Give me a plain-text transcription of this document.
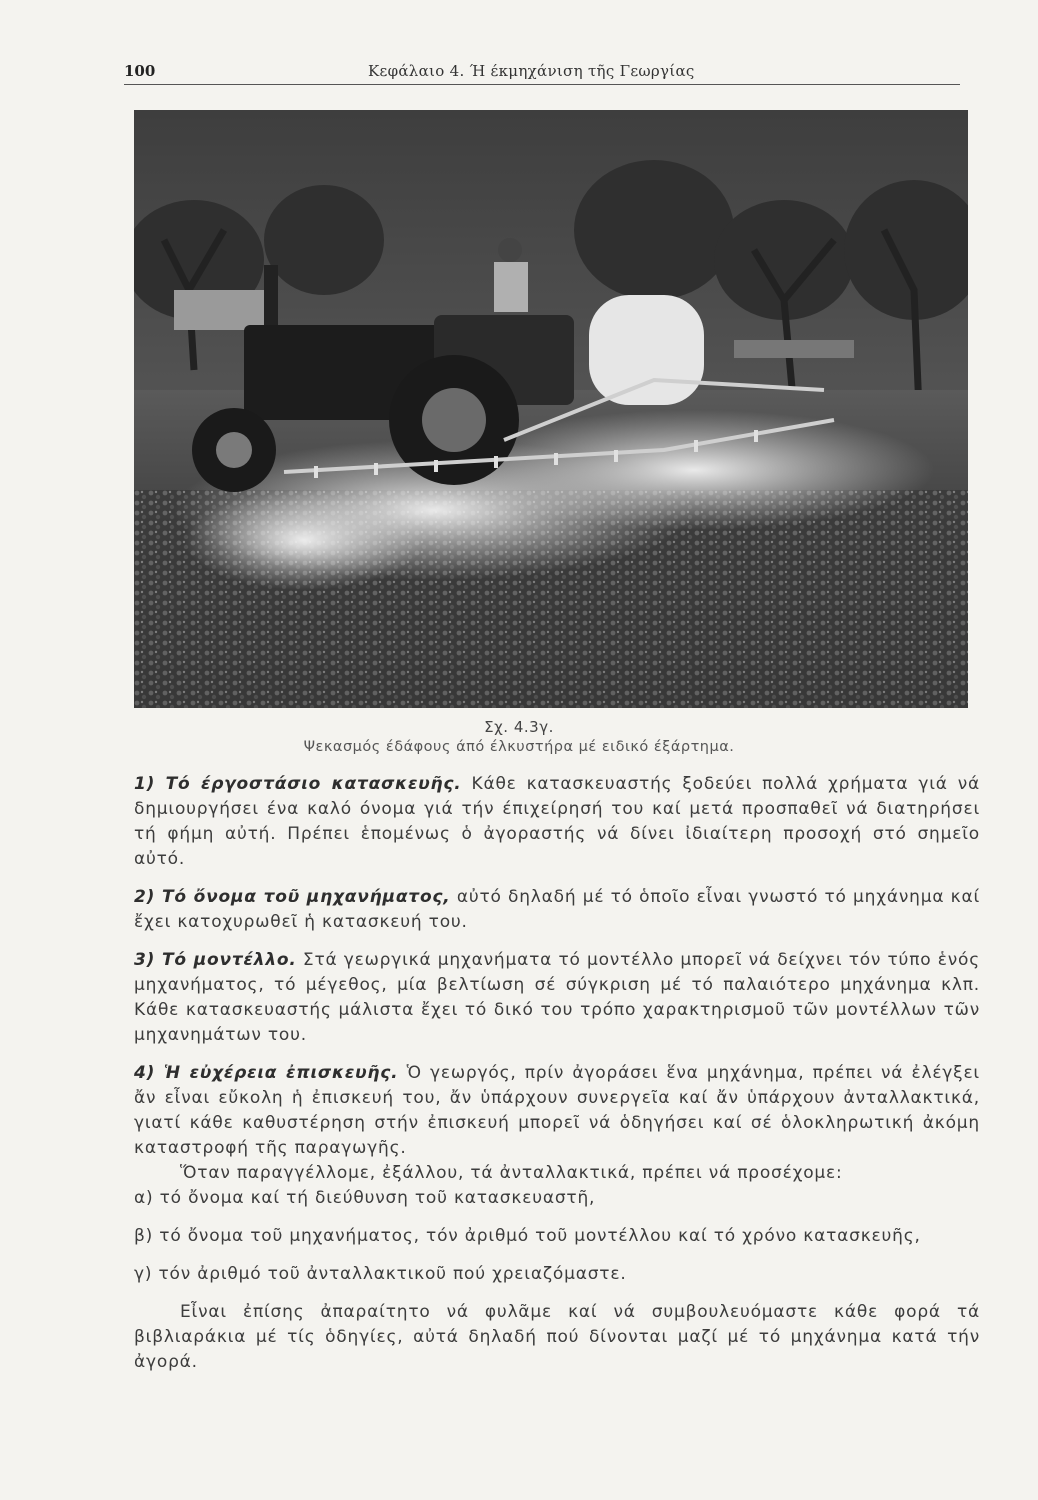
100	Κεφάλαιο 4. Ή έκμηχάνιση τῆς Γεωργίας
Σχ. 4.3γ.
Ψεκασμός έδάφους άπό έλκυστήρα μέ ειδικό έξάρτημα.

1) Τό έργοστάσιο κατασκευῆς. Κάθε κατασκευαστής ξοδεύει πολλά χρήματα γιά νά δημιουργήσει ένα καλό όνομα γιά τήν έπιχείρησή του καί μετά προσπαθεῖ νά διατηρήσει τή φήμη αὐτή. Πρέπει ἑπομένως ὁ ἀγοραστής νά δίνει ἰδιαίτερη προσοχή στό σημεῖο αὐτό.

2) Τό ὄνομα τοῦ μηχανήματος, αὐτό δηλαδή μέ τό ὁποῖο εἶναι γνωστό τό μηχάνημα καί ἔχει κατοχυρωθεῖ ἡ κατασκευή του.

3) Τό μοντέλλο. Στά γεωργικά μηχανήματα τό μοντέλλο μπορεῖ νά δείχνει τόν τύπο ἑνός μηχανήματος, τό μέγεθος, μία βελτίωση σέ σύγκριση μέ τό παλαιότερο μηχάνημα κλπ. Κάθε κατασκευαστής μάλιστα ἔχει τό δικό του τρόπο χαρακτηρισμοῦ τῶν μοντέλλων τῶν μηχανημάτων του.

4) Ἡ εὐχέρεια ἐπισκευῆς. Ὁ γεωργός, πρίν ἀγοράσει ἕνα μηχάνημα, πρέπει νά ἐλέγξει ἄν εἶναι εὔκολη ἡ ἐπισκευή του, ἄν ὑπάρχουν συνεργεῖα καί ἄν ὑπάρχουν ἀνταλλακτικά, γιατί κάθε καθυστέρηση στήν ἐπισκευή μπορεῖ νά ὁδηγήσει καί σέ ὁλοκληρωτική ἀκόμη καταστροφή τῆς παραγωγῆς.

Ὅταν παραγγέλλομε, ἐξάλλου, τά ἀνταλλακτικά, πρέπει νά προσέχομε:

α) τό ὄνομα καί τή διεύθυνση τοῦ κατασκευαστῆ,

β) τό ὄνομα τοῦ μηχανήματος, τόν ἀριθμό τοῦ μοντέλλου καί τό χρόνο κατασκευῆς,

γ) τόν ἀριθμό τοῦ ἀνταλλακτικοῦ πού χρειαζόμαστε.

Εἶναι ἐπίσης ἀπαραίτητο νά φυλᾶμε καί νά συμβουλευόμαστε κάθε φορά τά βιβλιαράκια μέ τίς ὁδηγίες, αὐτά δηλαδή πού δίνονται μαζί μέ τό μηχάνημα κατά τήν ἀγορά.
